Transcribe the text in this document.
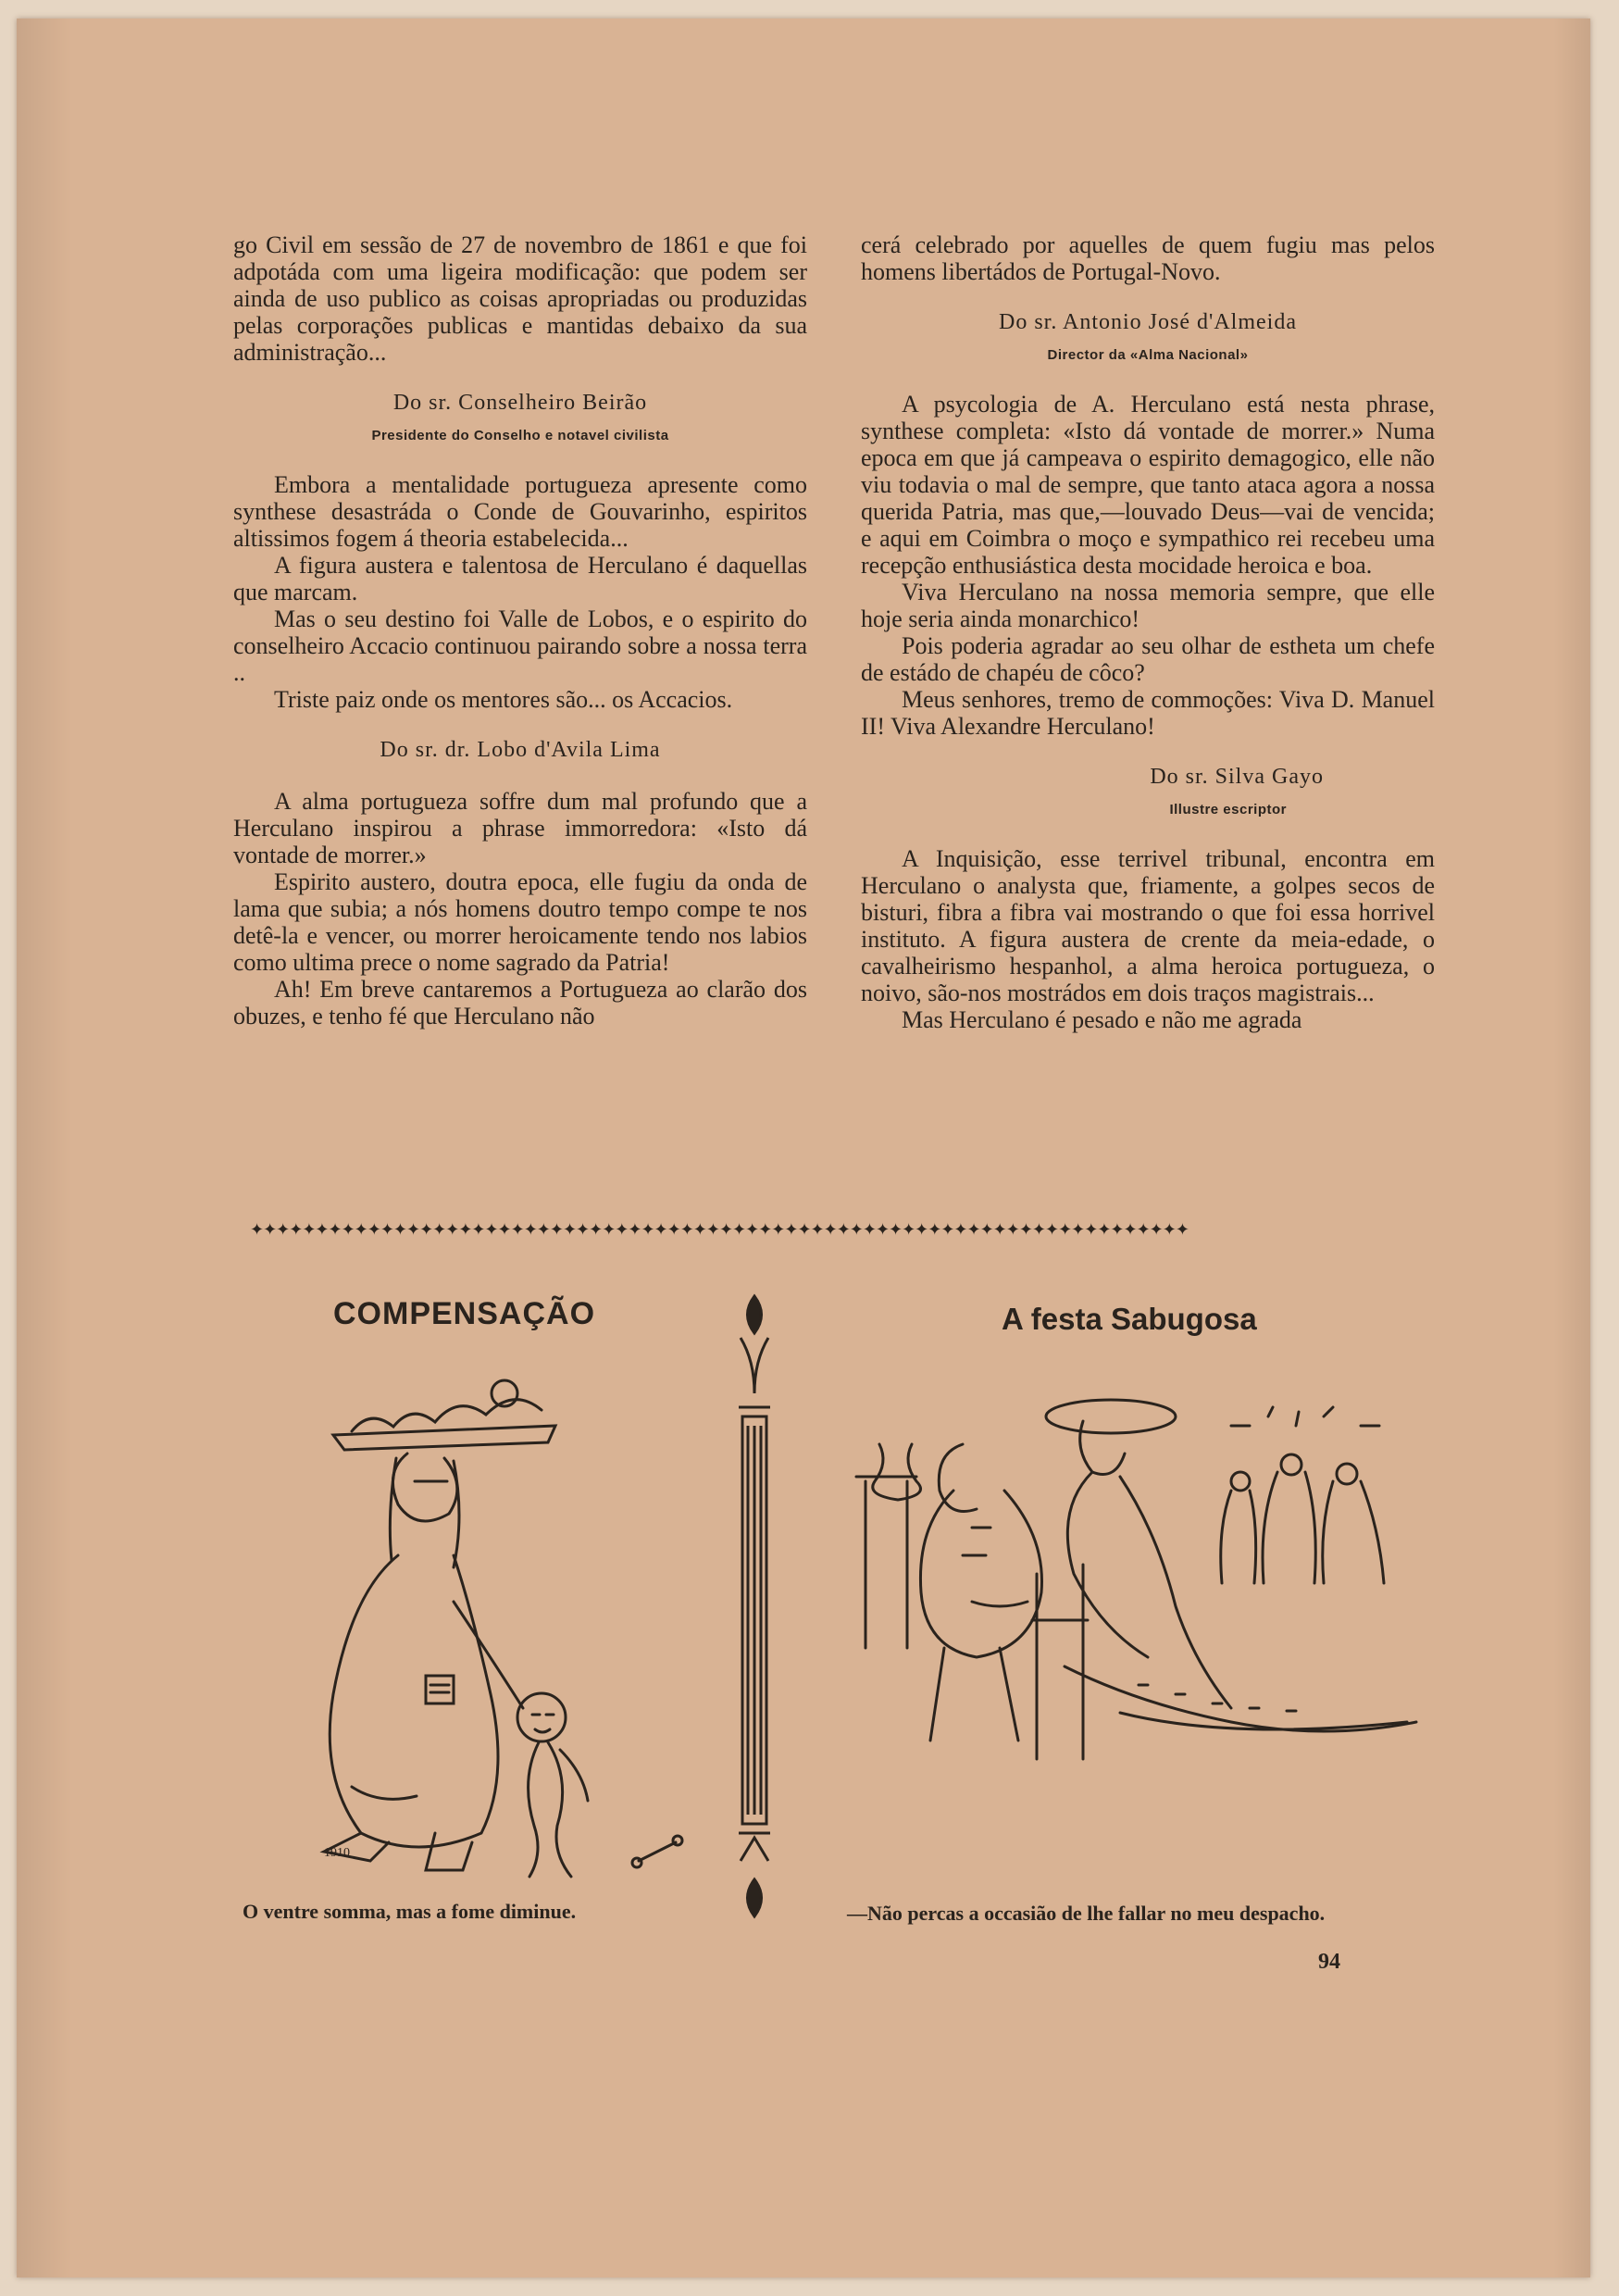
go Civil em sessão de 27 de novembro de 1861 e que foi adpotáda com uma ligeira modificação: que podem ser ainda de uso publico as coisas apropriadas ou produzidas pelas corporações publicas e mantidas debaixo da sua administração...

Do sr. Conselheiro Beirão
Presidente do Conselho e notavel civilista

Embora a mentalidade portugueza apresente como synthese desastráda o Conde de Gouvarinho, espiritos altissimos fogem á theoria estabelecida...

A figura austera e talentosa de Herculano é daquellas que marcam.

Mas o seu destino foi Valle de Lobos, e o espirito do conselheiro Accacio continuou pairando sobre a nossa terra ..

Triste paiz onde os mentores são... os Accacios.

Do sr. dr. Lobo d'Avila Lima

A alma portugueza soffre dum mal profundo que a Herculano inspirou a phrase immorredora: «Isto dá vontade de morrer.»

Espirito austero, doutra epoca, elle fugiu da onda de lama que subia; a nós homens doutro tempo compe te nos detê-la e vencer, ou morrer heroicamente tendo nos labios como ultima prece o nome sagrado da Patria!

Ah! Em breve cantaremos a Portugueza ao clarão dos obuzes, e tenho fé que Herculano não

cerá celebrado por aquelles de quem fugiu mas pelos homens libertádos de Portugal-Novo.

Do sr. Antonio José d'Almeida
Director da «Alma Nacional»

A psycologia de A. Herculano está nesta phrase, synthese completa: «Isto dá vontade de morrer.» Numa epoca em que já campeava o espirito demagogico, elle não viu todavia o mal de sempre, que tanto ataca agora a nossa querida Patria, mas que,—louvado Deus—vai de vencida; e aqui em Coimbra o moço e sympathico rei recebeu uma recepção enthusiástica desta mocidade heroica e boa.

Viva Herculano na nossa memoria sempre, que elle hoje seria ainda monarchico!

Pois poderia agradar ao seu olhar de estheta um chefe de estádo de chapéu de côco?

Meus senhores, tremo de commoções: Viva D. Manuel II! Viva Alexandre Herculano!

Do sr. Silva Gayo
Illustre escriptor

A Inquisição, esse terrivel tribunal, encontra em Herculano o analysta que, friamente, a golpes secos de bisturi, fibra a fibra vai mostrando o que foi essa horrivel instituto. A figura austera de crente da meia-edade, o cavalheirismo hespanhol, a alma heroica portugueza, o noivo, são-nos mostrádos em dois traços magistrais...

Mas Herculano é pesado e não me agrada

✦✦✦✦✦✦✦✦✦✦✦✦✦✦✦✦✦✦✦✦✦✦✦✦✦✦✦✦✦✦✦✦✦✦✦✦✦✦✦✦✦✦✦✦✦✦✦✦✦✦✦✦✦✦✦✦✦✦✦✦✦✦✦✦✦✦✦✦✦✦✦✦
COMPENSAÇÃO	A festa Sabugosa
1910
O ventre somma, mas a fome diminue.	—Não percas a occasião de lhe fallar no meu despacho.
94
